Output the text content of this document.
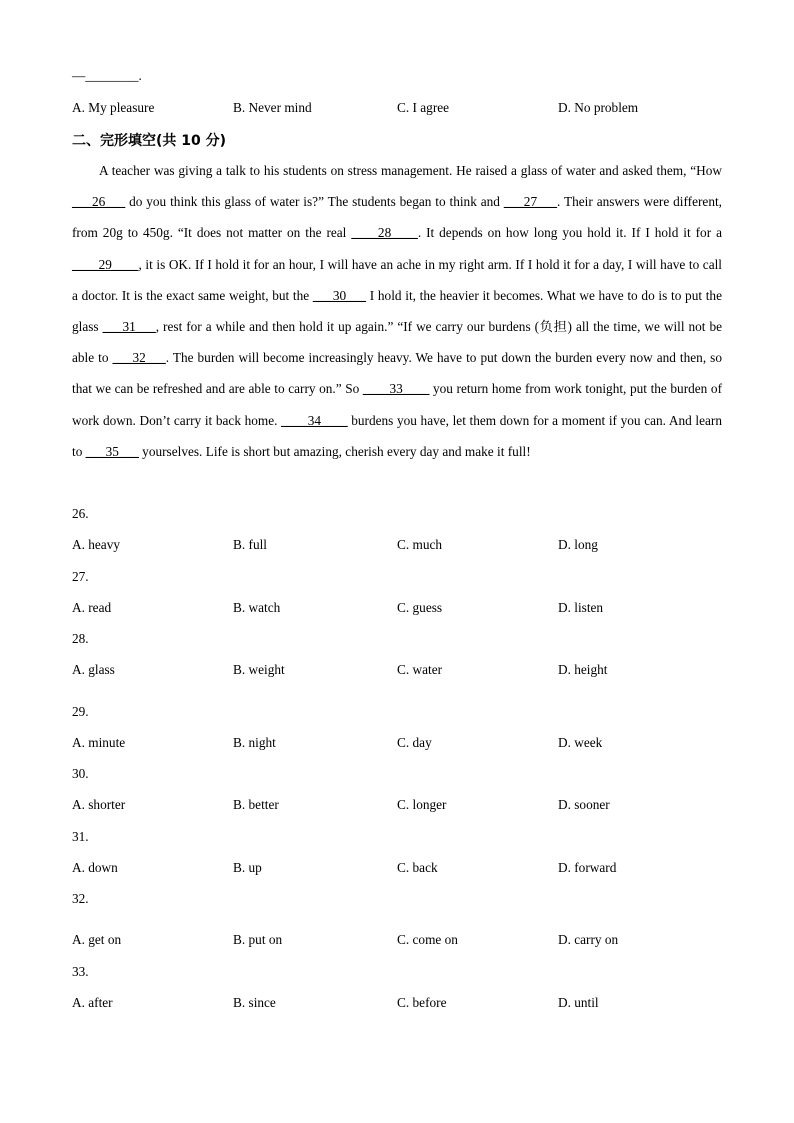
—________.
A. My pleasure	B. Never mind	C. I agree	D. No problem
二、完形填空(共 10 分)
A teacher was giving a talk to his students on stress management. He raised a glass of water and asked them, “How ___26___ do you think this glass of water is?” The students began to think and ___27___. Their answers were different, from 20g to 450g. “It does not matter on the real ____28____. It depends on how long you hold it. If I hold it for a ____29____, it is OK. If I hold it for an hour, I will have an ache in my right arm. If I hold it for a day, I will have to call a doctor. It is the exact same weight, but the ___30___ I hold it, the heavier it becomes. What we have to do is to put the glass ___31___, rest for a while and then hold it up again.” “If we carry our burdens (负担) all the time, we will not be able to ___32___. The burden will become increasingly heavy. We have to put down the burden every now and then, so that we can be refreshed and are able to carry on.” So ____33____ you return home from work tonight, put the burden of work down. Don’t carry it back home. ____34____ burdens you have, let them down for a moment if you can. And learn to ___35___ yourselves. Life is short but amazing, cherish every day and make it full!
26.
A. heavy	B. full	C. much	D. long
27.
A. read	B. watch	C. guess	D. listen
28.
A. glass	B. weight	C. water	D. height
29.
A. minute	B. night	C. day	D. week
30.
A. shorter	B. better	C. longer	D. sooner
31.
A. down	B. up	C. back	D. forward
32.
A. get on	B. put on	C. come on	D. carry on
33.
A. after	B. since	C. before	D. until
